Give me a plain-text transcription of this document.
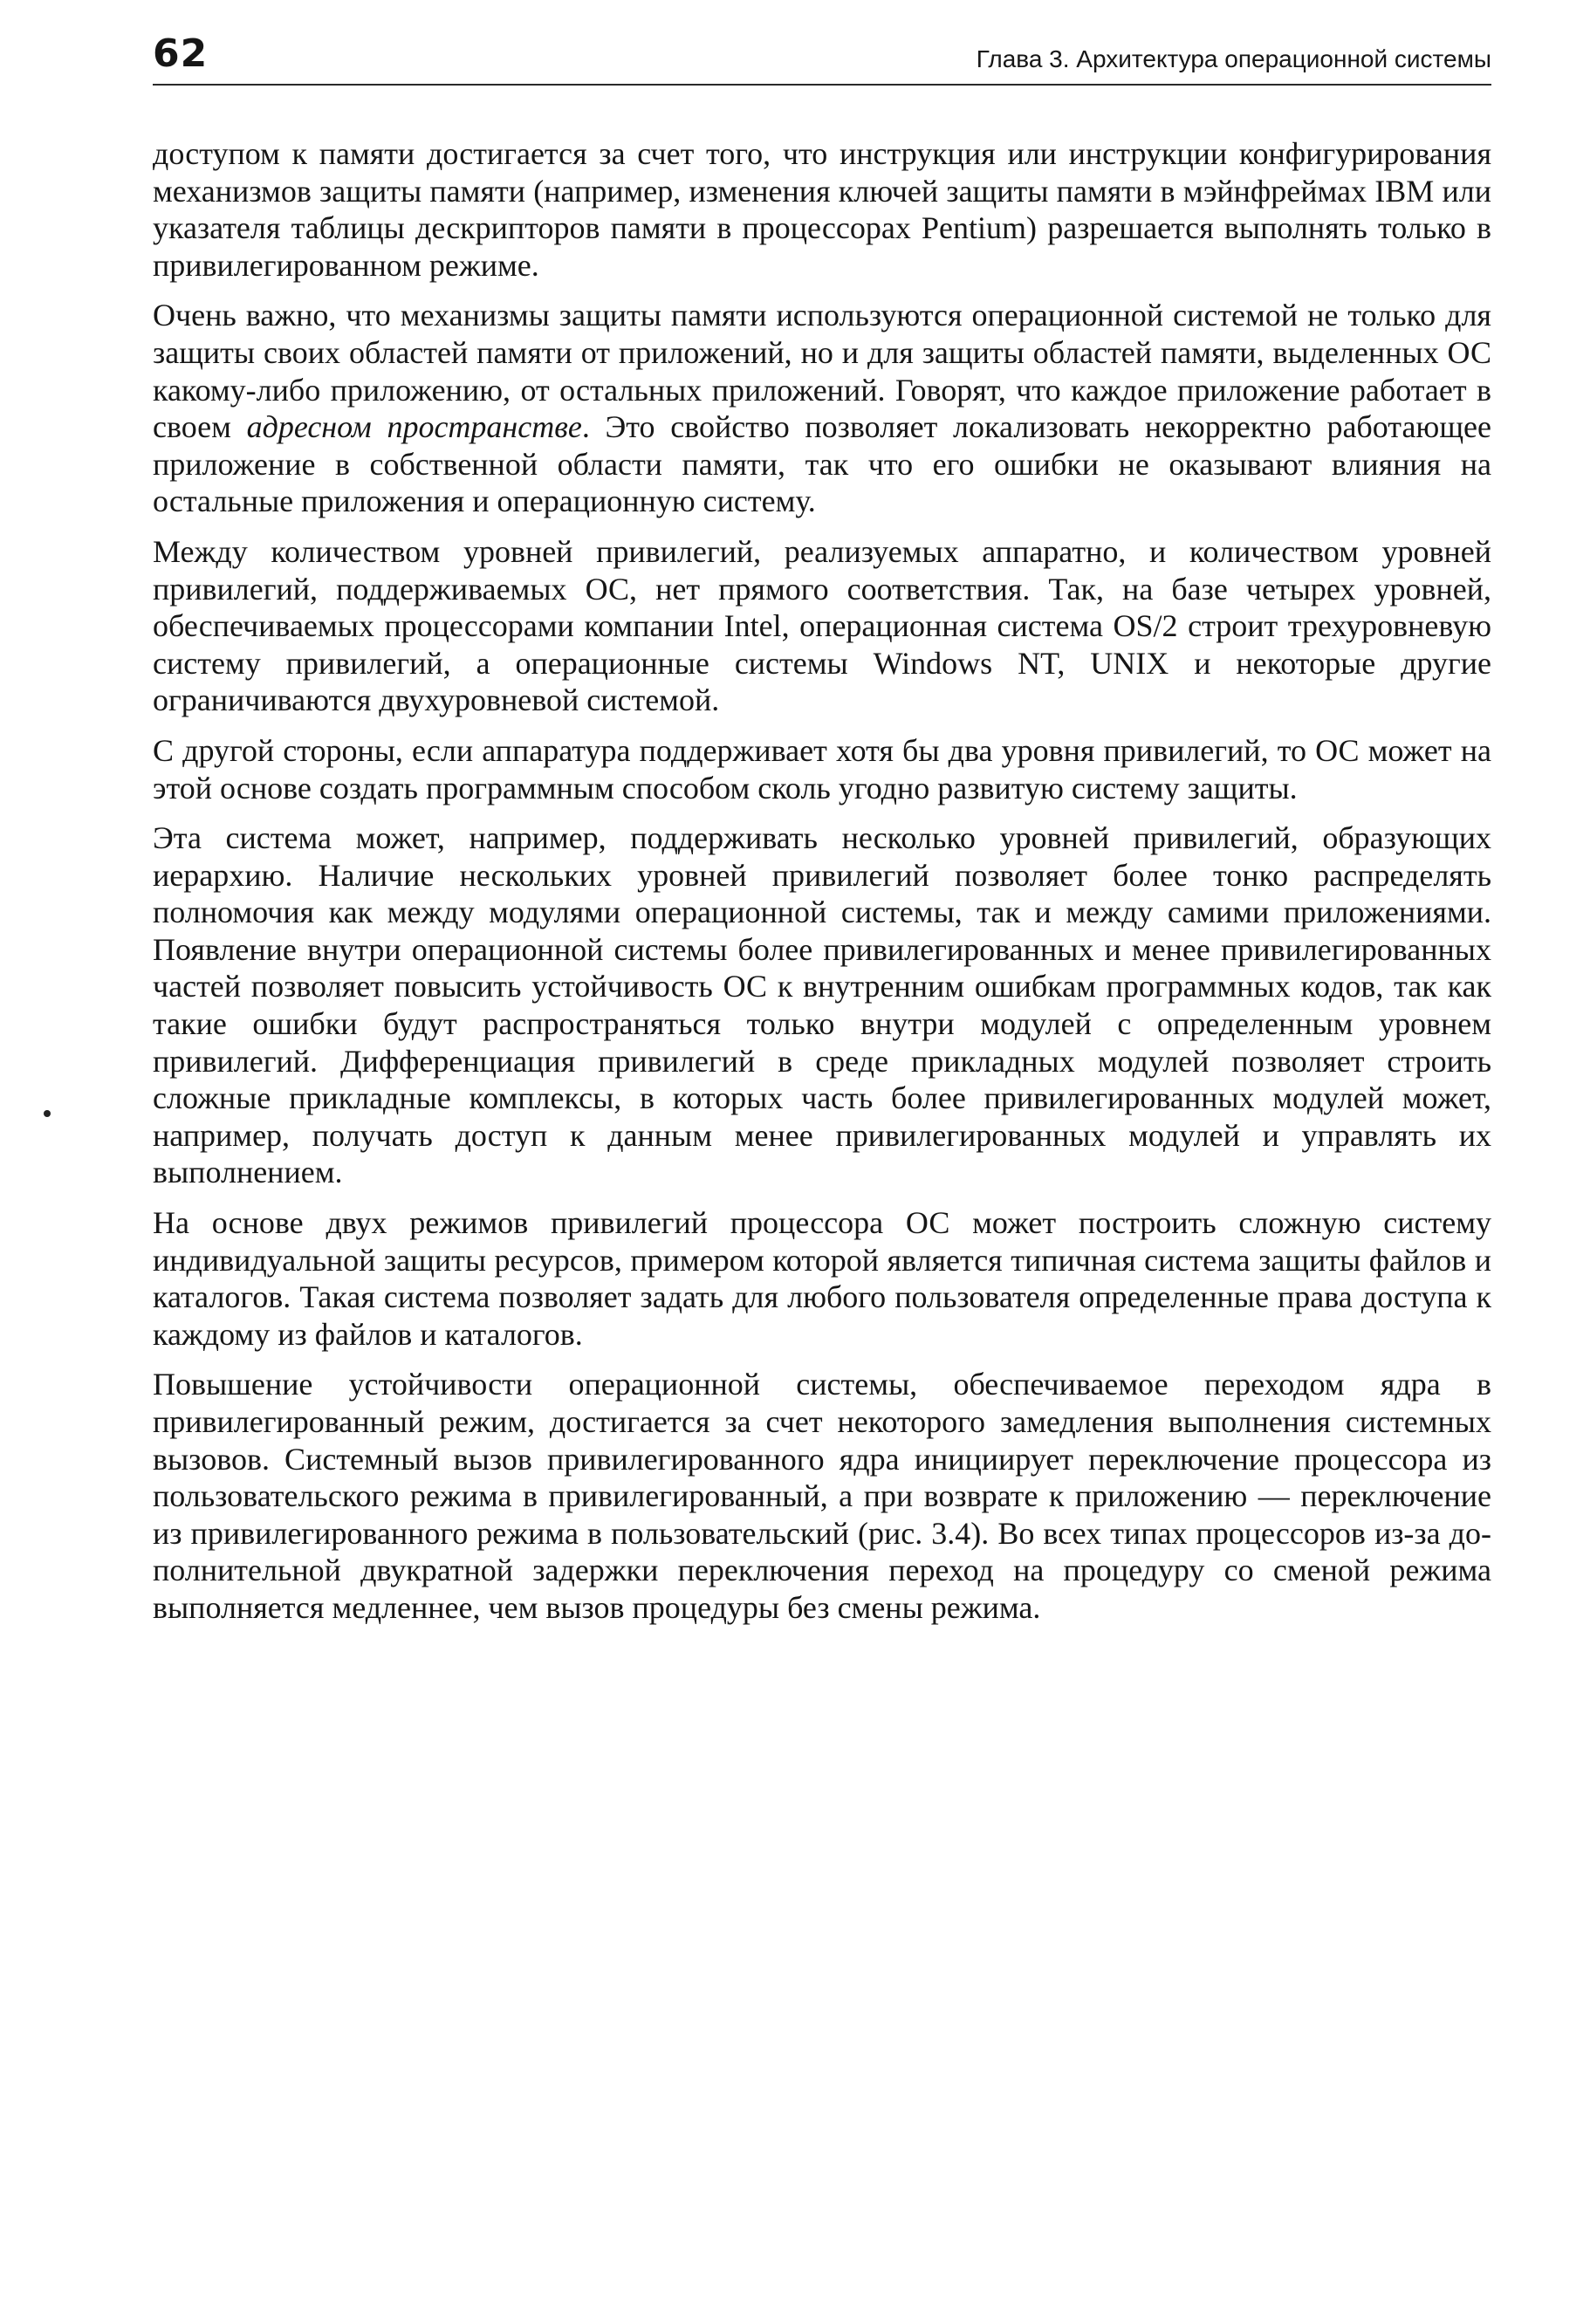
62	Глава 3. Архитектура операционной системы

доступом к памяти достигается за счет того, что инструкция или инструкции конфигурирования механизмов защиты памяти (например, изменения ключей защиты памяти в мэйнфреймах IBM или указателя таблицы дескрипторов памяти в процессорах Pentium) разрешается выполнять только в привилегированном режиме.

Очень важно, что механизмы защиты памяти используются операционной системой не только для защиты своих областей памяти от приложений, но и для защиты областей памяти, выделенных ОС какому-либо приложению, от остальных приложений. Говорят, что каждое приложение работает в своем адресном пространстве. Это свойство позволяет локализовать некорректно работающее приложение в собственной области памяти, так что его ошибки не оказывают влияния на остальные приложения и операционную систему.

Между количеством уровней привилегий, реализуемых аппаратно, и количеством уровней привилегий, поддерживаемых ОС, нет прямого соответствия. Так, на базе четырех уровней, обеспечиваемых процессорами компании Intel, операционная система OS/2 строит трехуровневую систему привилегий, а операционные системы Windows NT, UNIX и некоторые другие ограничиваются двухуровневой системой.

С другой стороны, если аппаратура поддерживает хотя бы два уровня привилегий, то ОС может на этой основе создать программным способом сколь угодно развитую систему защиты.

Эта система может, например, поддерживать несколько уровней привилегий, образующих иерархию. Наличие нескольких уровней привилегий позволяет более тонко распределять полномочия как между модулями операционной системы, так и между самими приложениями. Появление внутри операционной системы более привилегированных и менее привилегированных частей позволяет повысить устойчивость ОС к внутренним ошибкам программных кодов, так как такие ошибки будут распространяться только внутри модулей с определенным уровнем привилегий. Дифференциация привилегий в среде прикладных модулей позволяет строить сложные прикладные комплексы, в которых часть более привилегированных модулей может, например, получать доступ к данным менее привилегированных модулей и управлять их выполнением.

На основе двух режимов привилегий процессора ОС может построить сложную систему индивидуальной защиты ресурсов, примером которой является типичная система защиты файлов и каталогов. Такая система позволяет задать для любого пользователя определенные права доступа к каждому из файлов и каталогов.

Повышение устойчивости операционной системы, обеспечиваемое переходом ядра в привилегированный режим, достигается за счет некоторого замедления выполнения системных вызовов. Системный вызов привилегированного ядра инициирует переключение процессора из пользовательского режима в привилегированный, а при возврате к приложению — переключение из привилегированного режима в пользовательский (рис. 3.4). Во всех типах процессоров из-за дополнительной двукратной задержки переключения переход на процедуру со сменой режима выполняется медленнее, чем вызов процедуры без смены режима.
